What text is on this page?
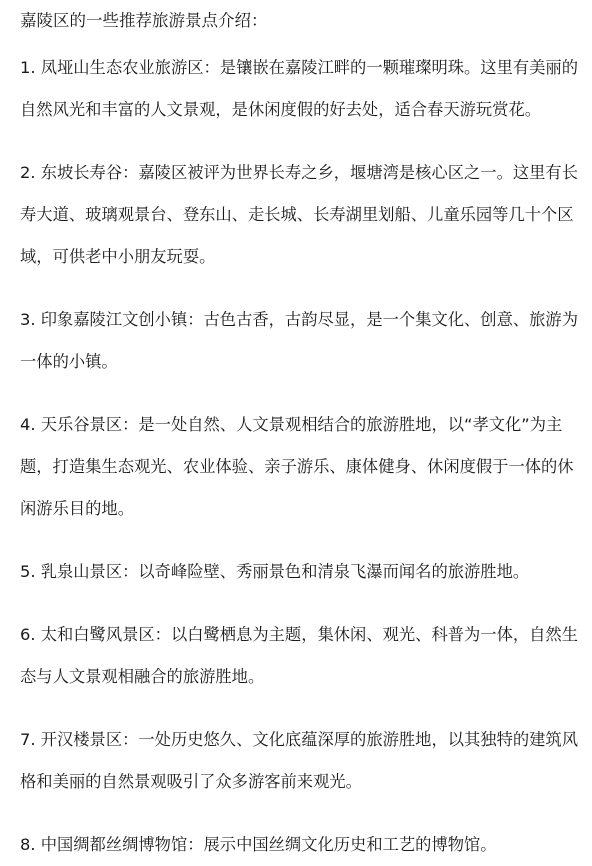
嘉陵区的一些推荐旅游景点介绍：

1. 凤垭山生态农业旅游区：是镶嵌在嘉陵江畔的一颗璀璨明珠。这里有美丽的自然风光和丰富的人文景观，是休闲度假的好去处，适合春天游玩赏花。

2. 东坡长寿谷：嘉陵区被评为世界长寿之乡，堰塘湾是核心区之一。这里有长寿大道、玻璃观景台、登东山、走长城、长寿湖里划船、儿童乐园等几十个区域，可供老中小朋友玩耍。

3. 印象嘉陵江文创小镇：古色古香，古韵尽显，是一个集文化、创意、旅游为一体的小镇。

4. 天乐谷景区：是一处自然、人文景观相结合的旅游胜地，以“孝文化”为主题，打造集生态观光、农业体验、亲子游乐、康体健身、休闲度假于一体的休闲游乐目的地。

5. 乳泉山景区：以奇峰险壁、秀丽景色和清泉飞瀑而闻名的旅游胜地。

6. 太和白鹭风景区：以白鹭栖息为主题，集休闲、观光、科普为一体，自然生态与人文景观相融合的旅游胜地。

7. 开汉楼景区：一处历史悠久、文化底蕴深厚的旅游胜地，以其独特的建筑风格和美丽的自然景观吸引了众多游客前来观光。

8. 中国绸都丝绸博物馆：展示中国丝绸文化历史和工艺的博物馆。
